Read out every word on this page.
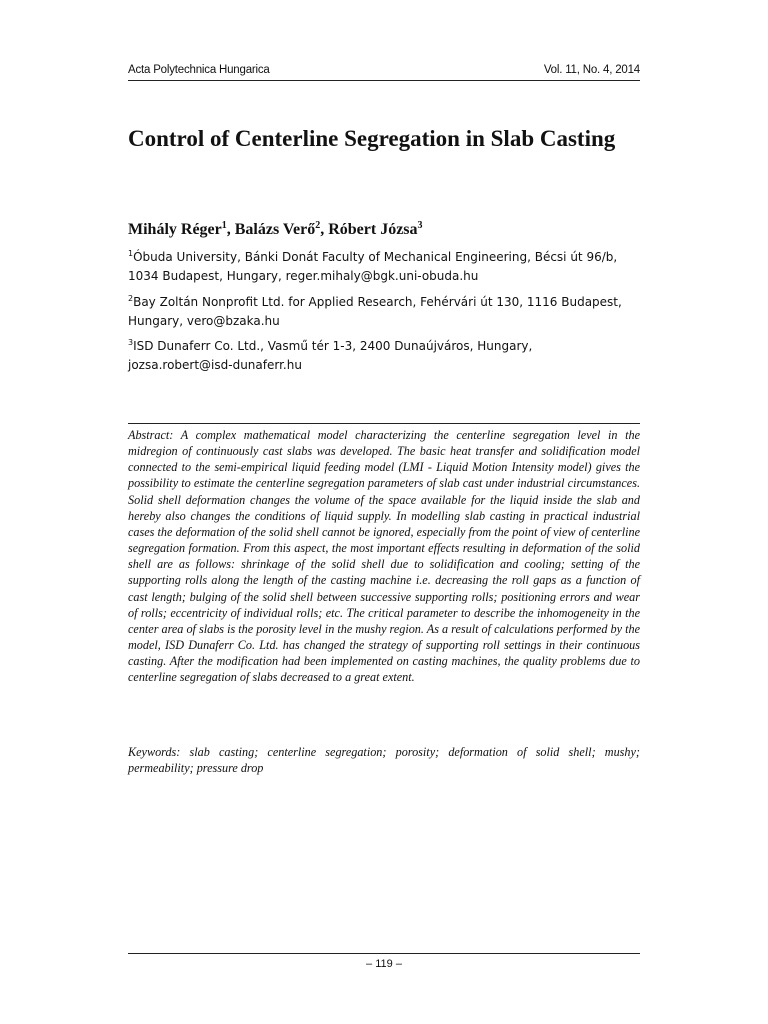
Acta Polytechnica Hungarica	Vol. 11, No. 4, 2014
Control of Centerline Segregation in Slab Casting
Mihály Réger$^1$, Balázs Verő$^2$, Róbert Józsa$^3$
$^1$Óbuda University, Bánki Donát Faculty of Mechanical Engineering, Bécsi út 96/b, 1034 Budapest, Hungary, reger.mihaly@bgk.uni-obuda.hu
$^2$Bay Zoltán Nonprofit Ltd. for Applied Research, Fehérvári út 130, 1116 Budapest, Hungary, vero@bzaka.hu
$^3$ISD Dunaferr Co. Ltd., Vasmű tér 1-3, 2400 Dunaújváros, Hungary, jozsa.robert@isd-dunaferr.hu
Abstract: A complex mathematical model characterizing the centerline segregation level in the midregion of continuously cast slabs was developed. The basic heat transfer and solidification model connected to the semi-empirical liquid feeding model (LMI - Liquid Motion Intensity model) gives the possibility to estimate the centerline segregation parameters of slab cast under industrial circumstances. Solid shell deformation changes the volume of the space available for the liquid inside the slab and hereby also changes the conditions of liquid supply. In modelling slab casting in practical industrial cases the deformation of the solid shell cannot be ignored, especially from the point of view of centerline segregation formation. From this aspect, the most important effects resulting in deformation of the solid shell are as follows: shrinkage of the solid shell due to solidification and cooling; setting of the supporting rolls along the length of the casting machine i.e. decreasing the roll gaps as a function of cast length; bulging of the solid shell between successive supporting rolls; positioning errors and wear of rolls; eccentricity of individual rolls; etc. The critical parameter to describe the inhomogeneity in the center area of slabs is the porosity level in the mushy region. As a result of calculations performed by the model, ISD Dunaferr Co. Ltd. has changed the strategy of supporting roll settings in their continuous casting. After the modification had been implemented on casting machines, the quality problems due to centerline segregation of slabs decreased to a great extent.
Keywords: slab casting; centerline segregation; porosity; deformation of solid shell; mushy; permeability; pressure drop
– 119 –
